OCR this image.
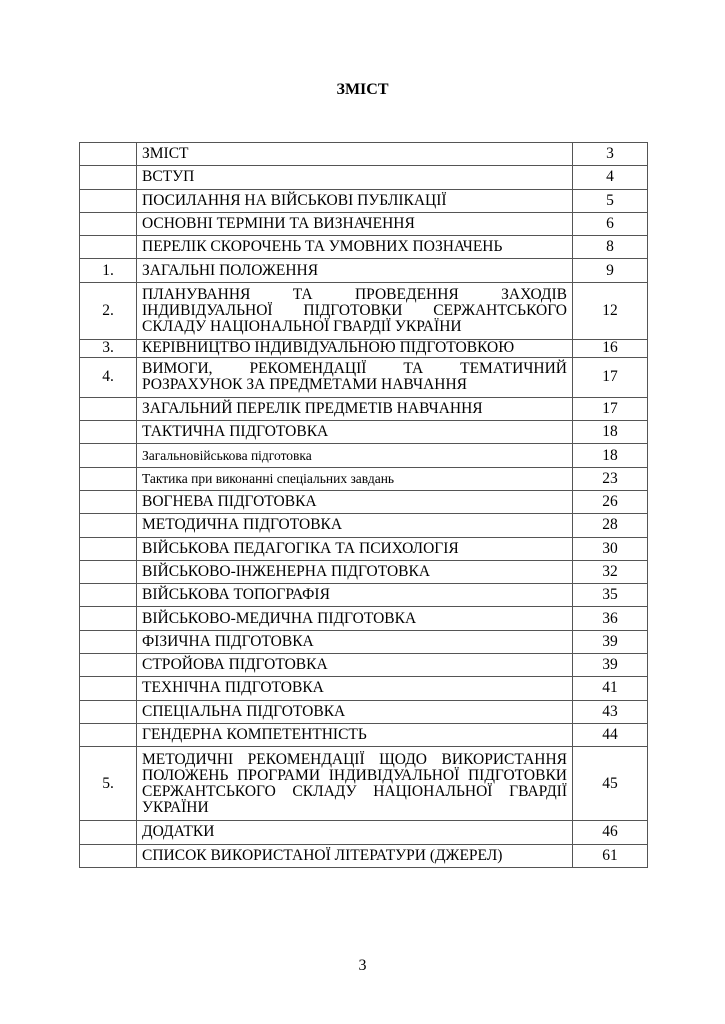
ЗМІСТ
	ЗМІСТ	3
	ВСТУП	4
	ПОСИЛАННЯ НА ВІЙСЬКОВІ ПУБЛІКАЦІЇ	5
	ОСНОВНІ ТЕРМІНИ ТА ВИЗНАЧЕННЯ	6
	ПЕРЕЛІК СКОРОЧЕНЬ ТА УМОВНИХ ПОЗНАЧЕНЬ	8
1.	ЗАГАЛЬНІ ПОЛОЖЕННЯ	9
2.	ПЛАНУВАННЯ ТА ПРОВЕДЕННЯ ЗАХОДІВ ІНДИВІДУАЛЬНОЇ ПІДГОТОВКИ СЕРЖАНТСЬКОГО СКЛАДУ НАЦІОНАЛЬНОЇ ГВАРДІЇ УКРАЇНИ	12
3.	КЕРІВНИЦТВО ІНДИВІДУАЛЬНОЮ ПІДГОТОВКОЮ	16
4.	ВИМОГИ, РЕКОМЕНДАЦІЇ ТА ТЕМАТИЧНИЙ РОЗРАХУНОК ЗА ПРЕДМЕТАМИ НАВЧАННЯ	17
	ЗАГАЛЬНИЙ ПЕРЕЛІК ПРЕДМЕТІВ НАВЧАННЯ	17
	ТАКТИЧНА ПІДГОТОВКА	18
	Загальновійськова підготовка	18
	Тактика при виконанні спеціальних завдань	23
	ВОГНЕВА ПІДГОТОВКА	26
	МЕТОДИЧНА ПІДГОТОВКА	28
	ВІЙСЬКОВА ПЕДАГОГІКА ТА ПСИХОЛОГІЯ	30
	ВІЙСЬКОВО-ІНЖЕНЕРНА ПІДГОТОВКА	32
	ВІЙСЬКОВА ТОПОГРАФІЯ	35
	ВІЙСЬКОВО-МЕДИЧНА ПІДГОТОВКА	36
	ФІЗИЧНА ПІДГОТОВКА	39
	СТРОЙОВА ПІДГОТОВКА	39
	ТЕХНІЧНА ПІДГОТОВКА	41
	СПЕЦІАЛЬНА ПІДГОТОВКА	43
	ГЕНДЕРНА КОМПЕТЕНТНІСТЬ	44
5.	МЕТОДИЧНІ РЕКОМЕНДАЦІЇ ЩОДО ВИКОРИСТАННЯ ПОЛОЖЕНЬ ПРОГРАМИ ІНДИВІДУАЛЬНОЇ ПІДГОТОВКИ СЕРЖАНТСЬКОГО СКЛАДУ НАЦІОНАЛЬНОЇ ГВАРДІЇ УКРАЇНИ	45
	ДОДАТКИ	46
	СПИСОК ВИКОРИСТАНОЇ ЛІТЕРАТУРИ (ДЖЕРЕЛ)	61
3
